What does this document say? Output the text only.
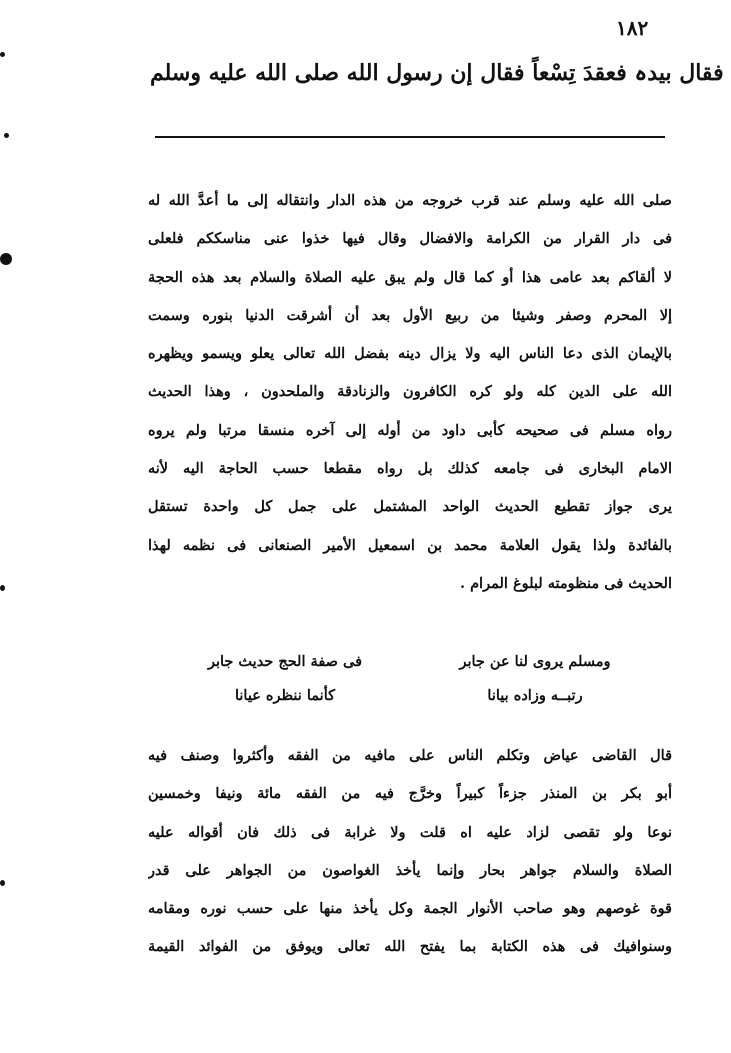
١٨٢
فقال بيدہ فعقدَ تِسْعاً فقال إن رسول الله صلى الله عليه وسلم
صلى الله عليه وسلم عند قرب خروجه من هذه الدار وانتقاله إلى ما أعدَّ الله له
فى دار القرار من الكرامة والافضال وقال فيها خذوا عنى مناسككم فلعلى
لا ألقاكم بعد عامى هذا أو كما قال ولم يبق عليه الصلاة والسلام بعد هذه الحجة
إلا المحرم وصفر وشيئا من ربيع الأول بعد أن أشرقت الدنيا بنوره وسمت
بالإيمان الذى دعا الناس اليه ولا يزال دينه بفضل الله تعالى يعلو ويسمو ويظهره
الله على الدين كله ولو كره الكافرون والزنادقة والملحدون ، وهذا الحديث
رواه مسلم فى صحيحه كأبى داود من أوله إلى آخره منسقا مرتبا ولم يروه
الامام البخارى فى جامعه كذلك بل رواه مقطعا حسب الحاجة اليه لأنه
يرى جواز تقطيع الحديث الواحد المشتمل على جمل كل واحدة تستقل
بالفائدة ولذا يقول العلامة محمد بن اسمعيل الأمير الصنعانى فى نظمه لهذا
الحديث فى منظومته لبلوغ المرام .
ومسلم يروى لنا عن جابر
فى صفة الحج حديث جابر
رتبــه وزاده بيانا
كأنما ننظره عيانا
قال القاضى عياض وتكلم الناس على مافيه من الفقه وأكثروا وصنف فيه
أبو بكر بن المنذر جزءاً كبيراً وخرَّج فيه من الفقه مائة ونيفا وخمسين
نوعا ولو تقصى لزاد عليه اه قلت ولا غرابة فى ذلك فان أقواله عليه
الصلاة والسلام جواهر بحار وإنما يأخذ الغواصون من الجواهر على قدر
قوة غوصهم وهو صاحب الأنوار الجمة وكل يأخذ منها على حسب نوره ومقامه
وسنوافيك فى هذه الكتابة بما يفتح الله تعالى ويوفق من الفوائد القيمة
